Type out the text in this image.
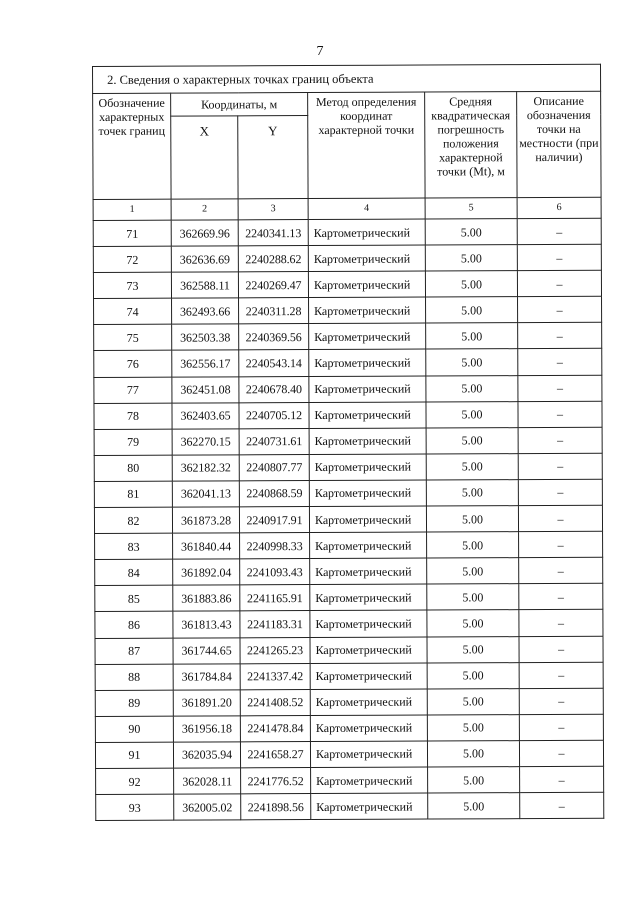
7
2. Сведения о характерных точках границ объекта					
Обозначение характерных точек границ	Координаты, м		Метод определения координат характерной точки	Средняя квадратическая погрешность положения характерной точки (Mt), м	Описание обозначения точки на местности (при наличии)
	X	Y			
1	2	3	4	5	6
71	362669.96	2240341.13	Картометрический	5.00	–
72	362636.69	2240288.62	Картометрический	5.00	–
73	362588.11	2240269.47	Картометрический	5.00	–
74	362493.66	2240311.28	Картометрический	5.00	–
75	362503.38	2240369.56	Картометрический	5.00	–
76	362556.17	2240543.14	Картометрический	5.00	–
77	362451.08	2240678.40	Картометрический	5.00	–
78	362403.65	2240705.12	Картометрический	5.00	–
79	362270.15	2240731.61	Картометрический	5.00	–
80	362182.32	2240807.77	Картометрический	5.00	–
81	362041.13	2240868.59	Картометрический	5.00	–
82	361873.28	2240917.91	Картометрический	5.00	–
83	361840.44	2240998.33	Картометрический	5.00	–
84	361892.04	2241093.43	Картометрический	5.00	–
85	361883.86	2241165.91	Картометрический	5.00	–
86	361813.43	2241183.31	Картометрический	5.00	–
87	361744.65	2241265.23	Картометрический	5.00	–
88	361784.84	2241337.42	Картометрический	5.00	–
89	361891.20	2241408.52	Картометрический	5.00	–
90	361956.18	2241478.84	Картометрический	5.00	–
91	362035.94	2241658.27	Картометрический	5.00	–
92	362028.11	2241776.52	Картометрический	5.00	–
93	362005.02	2241898.56	Картометрический	5.00	–
